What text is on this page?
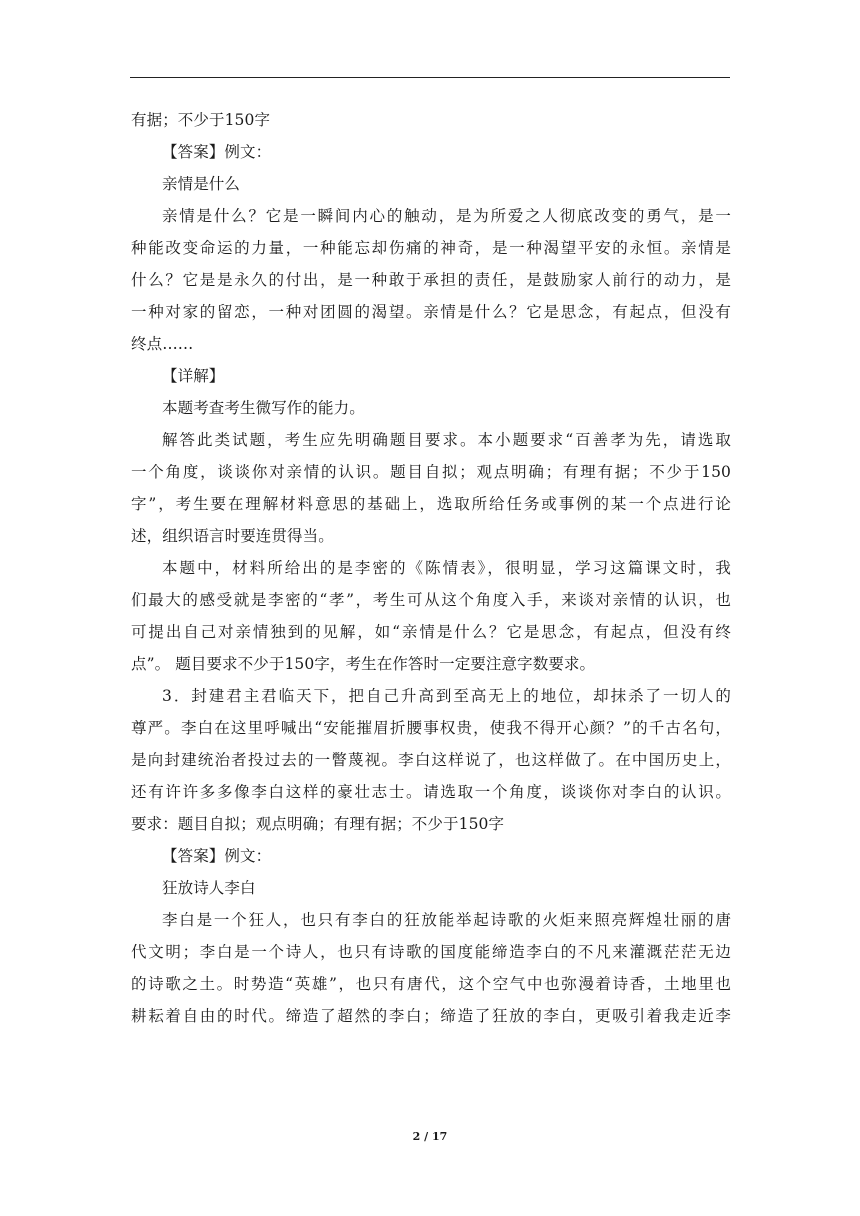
有据；不少于150字
【答案】例文：
亲情是什么
亲情是什么？它是一瞬间内心的触动，是为所爱之人彻底改变的勇气，是一
种能改变命运的力量，一种能忘却伤痛的神奇，是一种渴望平安的永恒。亲情是
什么？它是是永久的付出，是一种敢于承担的责任，是鼓励家人前行的动力，是
一种对家的留恋，一种对团圆的渴望。亲情是什么？它是思念，有起点，但没有
终点……
【详解】
本题考查考生微写作的能力。
解答此类试题，考生应先明确题目要求。本小题要求“百善孝为先，请选取
一个角度，谈谈你对亲情的认识。题目自拟；观点明确；有理有据；不少于150
字”，考生要在理解材料意思的基础上，选取所给任务或事例的某一个点进行论
述，组织语言时要连贯得当。
本题中，材料所给出的是李密的《陈情表》，很明显，学习这篇课文时，我
们最大的感受就是李密的“孝”，考生可从这个角度入手，来谈对亲情的认识，也
可提出自己对亲情独到的见解，如“亲情是什么？它是思念，有起点，但没有终
点”。 题目要求不少于150字，考生在作答时一定要注意字数要求。
3．封建君主君临天下，把自己升高到至高无上的地位，却抹杀了一切人的
尊严。李白在这里呼喊出“安能摧眉折腰事权贵，使我不得开心颜？”的千古名句，
是向封建统治者投过去的一瞥蔑视。李白这样说了，也这样做了。在中国历史上，
还有许许多多像李白这样的豪壮志士。请选取一个角度，谈谈你对李白的认识。
要求：题目自拟；观点明确；有理有据；不少于150字
【答案】例文：
狂放诗人李白
李白是一个狂人，也只有李白的狂放能举起诗歌的火炬来照亮辉煌壮丽的唐
代文明；李白是一个诗人，也只有诗歌的国度能缔造李白的不凡来灌溉茫茫无边
的诗歌之土。时势造“英雄”，也只有唐代，这个空气中也弥漫着诗香，土地里也
耕耘着自由的时代。缔造了超然的李白；缔造了狂放的李白，更吸引着我走近李
2 / 17
